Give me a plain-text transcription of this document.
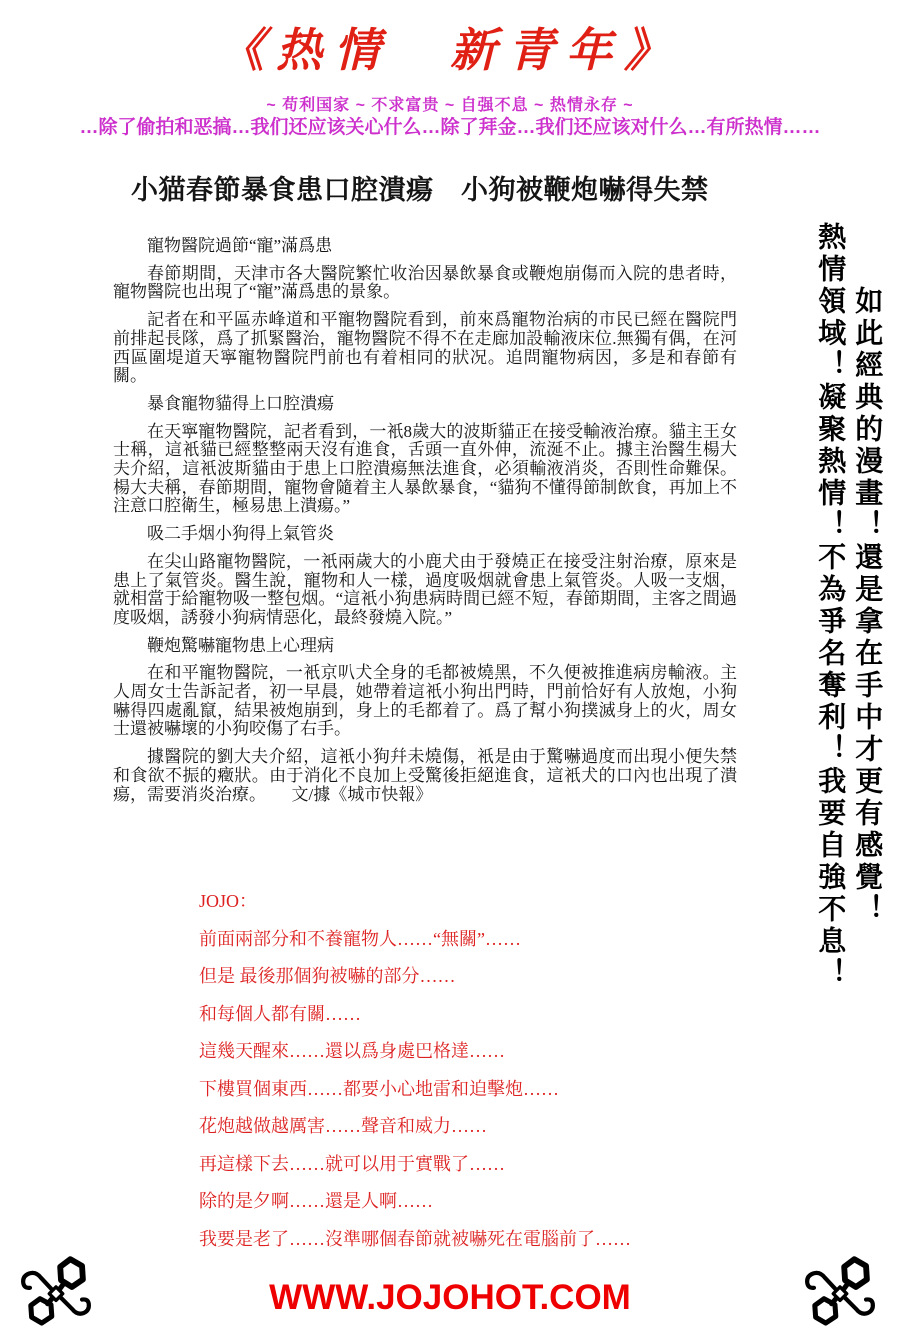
《热情　新青年》
~ 苟利国家 ~ 不求富贵 ~ 自强不息 ~ 热情永存 ~
…除了偷拍和恶搞…我们还应该关心什么…除了拜金…我们还应该对什么…有所热情……
小猫春節暴食患口腔潰瘍　小狗被鞭炮嚇得失禁

寵物醫院過節“寵”滿爲患

春節期間，天津市各大醫院繁忙收治因暴飲暴食或鞭炮崩傷而入院的患者時，寵物醫院也出現了“寵”滿爲患的景象。

記者在和平區赤峰道和平寵物醫院看到，前來爲寵物治病的市民已經在醫院門前排起長隊，爲了抓緊醫治，寵物醫院不得不在走廊加設輸液床位.無獨有偶，在河西區圍堤道天寧寵物醫院門前也有着相同的狀况。追問寵物病因，多是和春節有關。

暴食寵物貓得上口腔潰瘍

在天寧寵物醫院，記者看到，一衹8歲大的波斯貓正在接受輸液治療。貓主王女士稱，這衹貓已經整整兩天沒有進食，舌頭一直外伸，流涎不止。據主治醫生楊大夫介紹，這衹波斯貓由于患上口腔潰瘍無法進食，必須輸液消炎，否則性命難保。楊大夫稱，春節期間，寵物會隨着主人暴飲暴食，“貓狗不懂得節制飲食，再加上不注意口腔衛生，極易患上潰瘍。”

吸二手烟小狗得上氣管炎

在尖山路寵物醫院，一衹兩歲大的小鹿犬由于發燒正在接受注射治療，原來是患上了氣管炎。醫生說，寵物和人一樣，過度吸烟就會患上氣管炎。人吸一支烟，就相當于給寵物吸一整包烟。“這衹小狗患病時間已經不短，春節期間，主客之間過度吸烟，誘發小狗病情惡化，最終發燒入院。”

鞭炮驚嚇寵物患上心理病

在和平寵物醫院，一衹京叭犬全身的毛都被燒黑，不久便被推進病房輸液。主人周女士告訴記者，初一早晨，她帶着這衹小狗出門時，門前恰好有人放炮，小狗嚇得四處亂竄，結果被炮崩到，身上的毛都着了。爲了幫小狗撲滅身上的火，周女士還被嚇壞的小狗咬傷了右手。

據醫院的劉大夫介紹，這衹小狗幷未燒傷，衹是由于驚嚇過度而出現小便失禁和食欲不振的癥狀。由于消化不良加上受驚後拒絕進食，這衹犬的口內也出現了潰瘍，需要消炎治療。　　文/據《城市快報》	熱情領域！凝聚熱情！不為爭名奪利！我要自強不息！ 如此經典的漫畫！還是拿在手中才更有感覺！
JOJO：
前面兩部分和不養寵物人……“無關”……
但是 最後那個狗被嚇的部分……
和每個人都有關……
這幾天醒來……還以爲身處巴格達……
下樓買個東西……都要小心地雷和迫擊炮……
花炮越做越厲害……聲音和威力……
再這樣下去……就可以用于實戰了……
除的是夕啊……還是人啊……
我要是老了……沒準哪個春節就被嚇死在電腦前了……
WWW.JOJOHOT.COM
